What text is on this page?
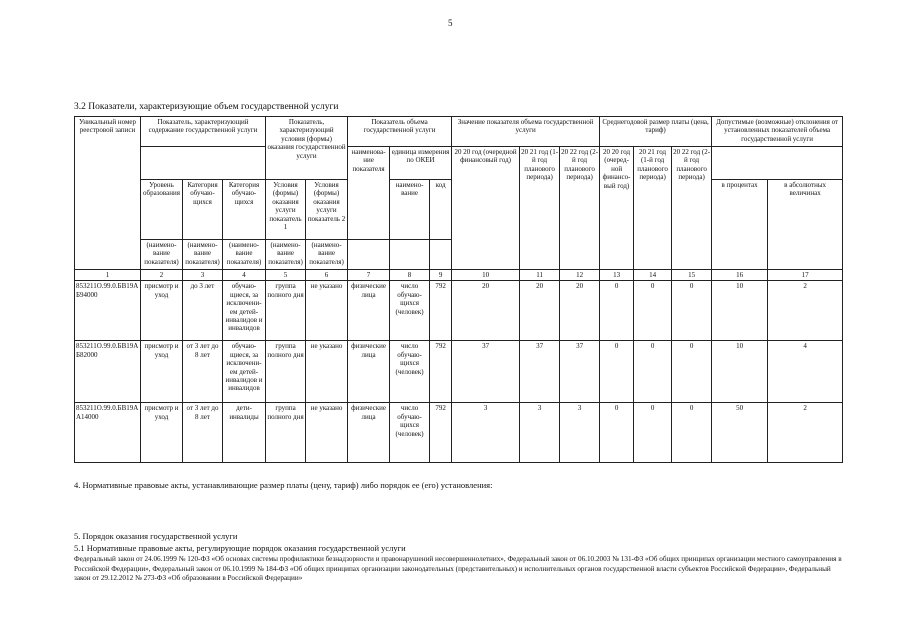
5
3.2 Показатели, характеризующие объем государственной услуги
Уникальный номер реестровой записи	Показатель, характеризующий содержание государственной услуги			Показатель, характеризующий условия (формы) оказания государственной услуги		Показатель объема государственной услуги			Значение показателя объема государственной услуги			Среднегодовой размер платы (цена, тариф)			Допустимые (возможные) отклонения от установленных показателей объема государственной услуги	
						наименова-ние показателя	единица измерения по ОКЕИ		20 20 год (очередной финансовый год)	20 21 год (1-й год планового периода)	20 22 год (2-й год планового периода)	20 20 год (очеред-ной финансо-вый год)	20 21 год (1-й год планового периода)	20 22 год (2-й год планового периода)		
	Уровень образования	Категория обучаю-щихся	Категория обучаю-щихся	Условия (формы) оказания услуги показатель 1	Условия (формы) оказания услуги показатель 2		наимено-вание	код							в процентах	в абсолютных величинах
	(наимено-вание показателя)	(наимено-вание показателя)	(наимено-вание показателя)	(наимено-вание показателя)	(наимено-вание показателя)											
1	2	3	4	5	6	7	8	9	10	11	12	13	14	15	16	17
853211О.99.0.БВ19АБ94000	присмотр и уход	до 3 лет	обучаю-щиеся, за исключени-ем детей-инвалидов и инвалидов	группа полного дня	не указано	физические лица	число обучаю-щихся (человек)	792	20	20	20	0	0	0	10	2
853211О.99.0.БВ19АБ82000	присмотр и уход	от 3 лет до 8 лет	обучаю-щиеся, за исключени-ем детей-инвалидов и инвалидов	группа полного дня	не указано	физические лица	число обучаю-щихся (человек)	792	37	37	37	0	0	0	10	4
853211О.99.0.БВ19АА14000	присмотр и уход	от 3 лет до 8 лет	дети-инвалиды	группа полного дня	не указано	физические лица	число обучаю-щихся (человек)	792	3	3	3	0	0	0	50	2
4. Нормативные правовые акты, устанавливающие размер платы (цену, тариф) либо порядок ее (его) установления:
5. Порядок оказания государственной услуги
5.1 Нормативные правовые акты, регулирующие порядок оказания государственной услуги
Федеральный закон от 24.06.1999 № 120-ФЗ «Об основах системы профилактики безнадзорности и правонарушений несовершеннолетних», Федеральный закон от 06.10.2003 № 131-ФЗ «Об общих принципах организации местного самоуправления в Российской Федерации», Федеральный закон от 06.10.1999 № 184-ФЗ «Об общих принципах организации законодательных (представительных) и исполнительных органов государственной власти субъектов Российской Федерации», Федеральный закон от 29.12.2012 № 273-ФЗ «Об образовании в Российской Федерации»
